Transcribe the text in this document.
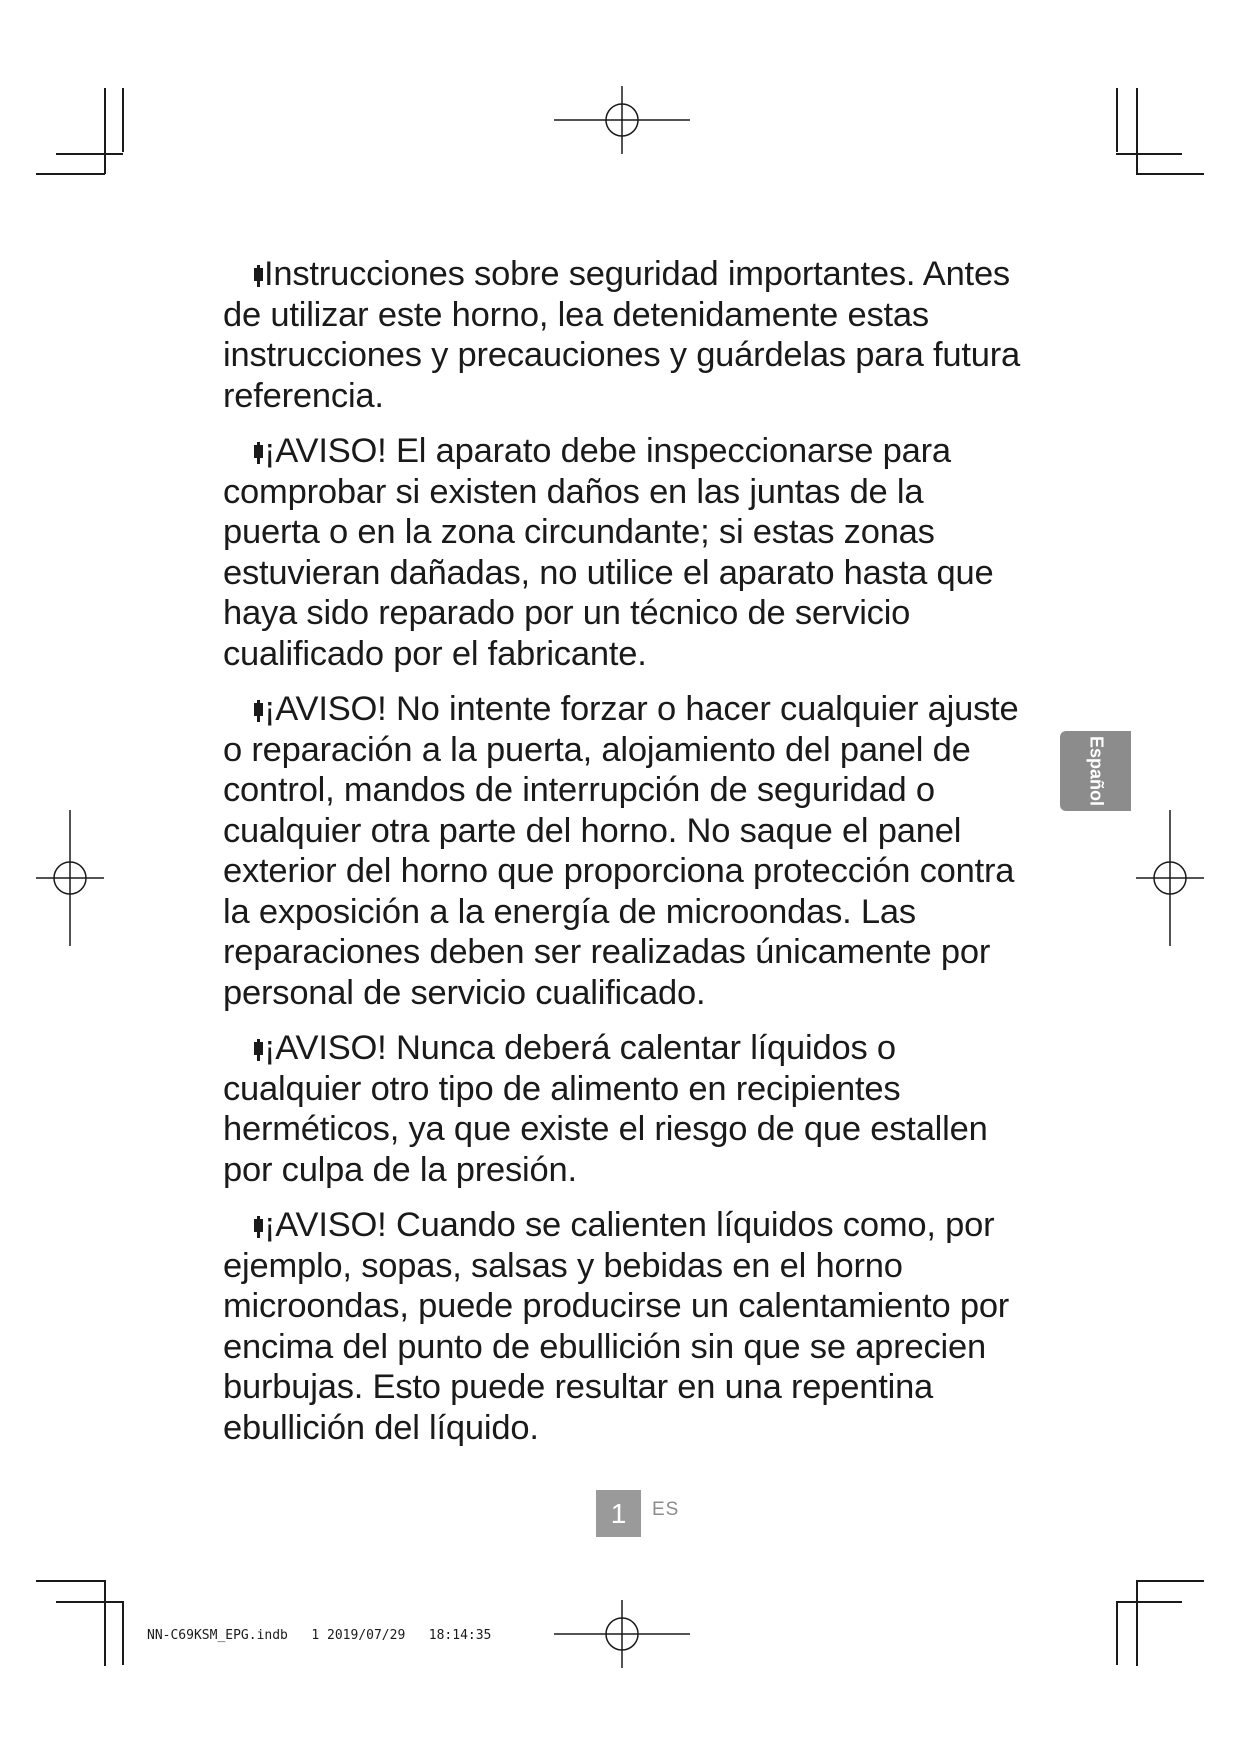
Instrucciones sobre seguridad importantes. Antes de utilizar este horno, lea detenidamente estas instrucciones y precauciones y guárdelas para futura referencia.

¡AVISO! El aparato debe inspeccionarse para comprobar si existen daños en las juntas de la puerta o en la zona circundante; si estas zonas estuvieran dañadas, no utilice el aparato hasta que haya sido reparado por un técnico de servicio cualificado por el fabricante.

¡AVISO! No intente forzar o hacer cualquier ajuste o reparación a la puerta, alojamiento del panel de control, mandos de interrupción de seguridad o cualquier otra parte del horno. No saque el panel exterior del horno que proporciona protección contra la exposición a la energía de microondas. Las reparaciones deben ser realizadas únicamente por personal de servicio cualificado.

¡AVISO! Nunca deberá calentar líquidos o cualquier otro tipo de alimento en recipientes herméticos, ya que existe el riesgo de que estallen por culpa de la presión.

¡AVISO! Cuando se calienten líquidos como, por ejemplo, sopas, salsas y bebidas en el horno microondas, puede producirse un calentamiento por encima del punto de ebullición sin que se aprecien burbujas. Esto puede resultar en una repentina ebullición del líquido.

Español
1	ES
NN-C69KSM_EPG.indb   1 2019/07/29   18:14:35
